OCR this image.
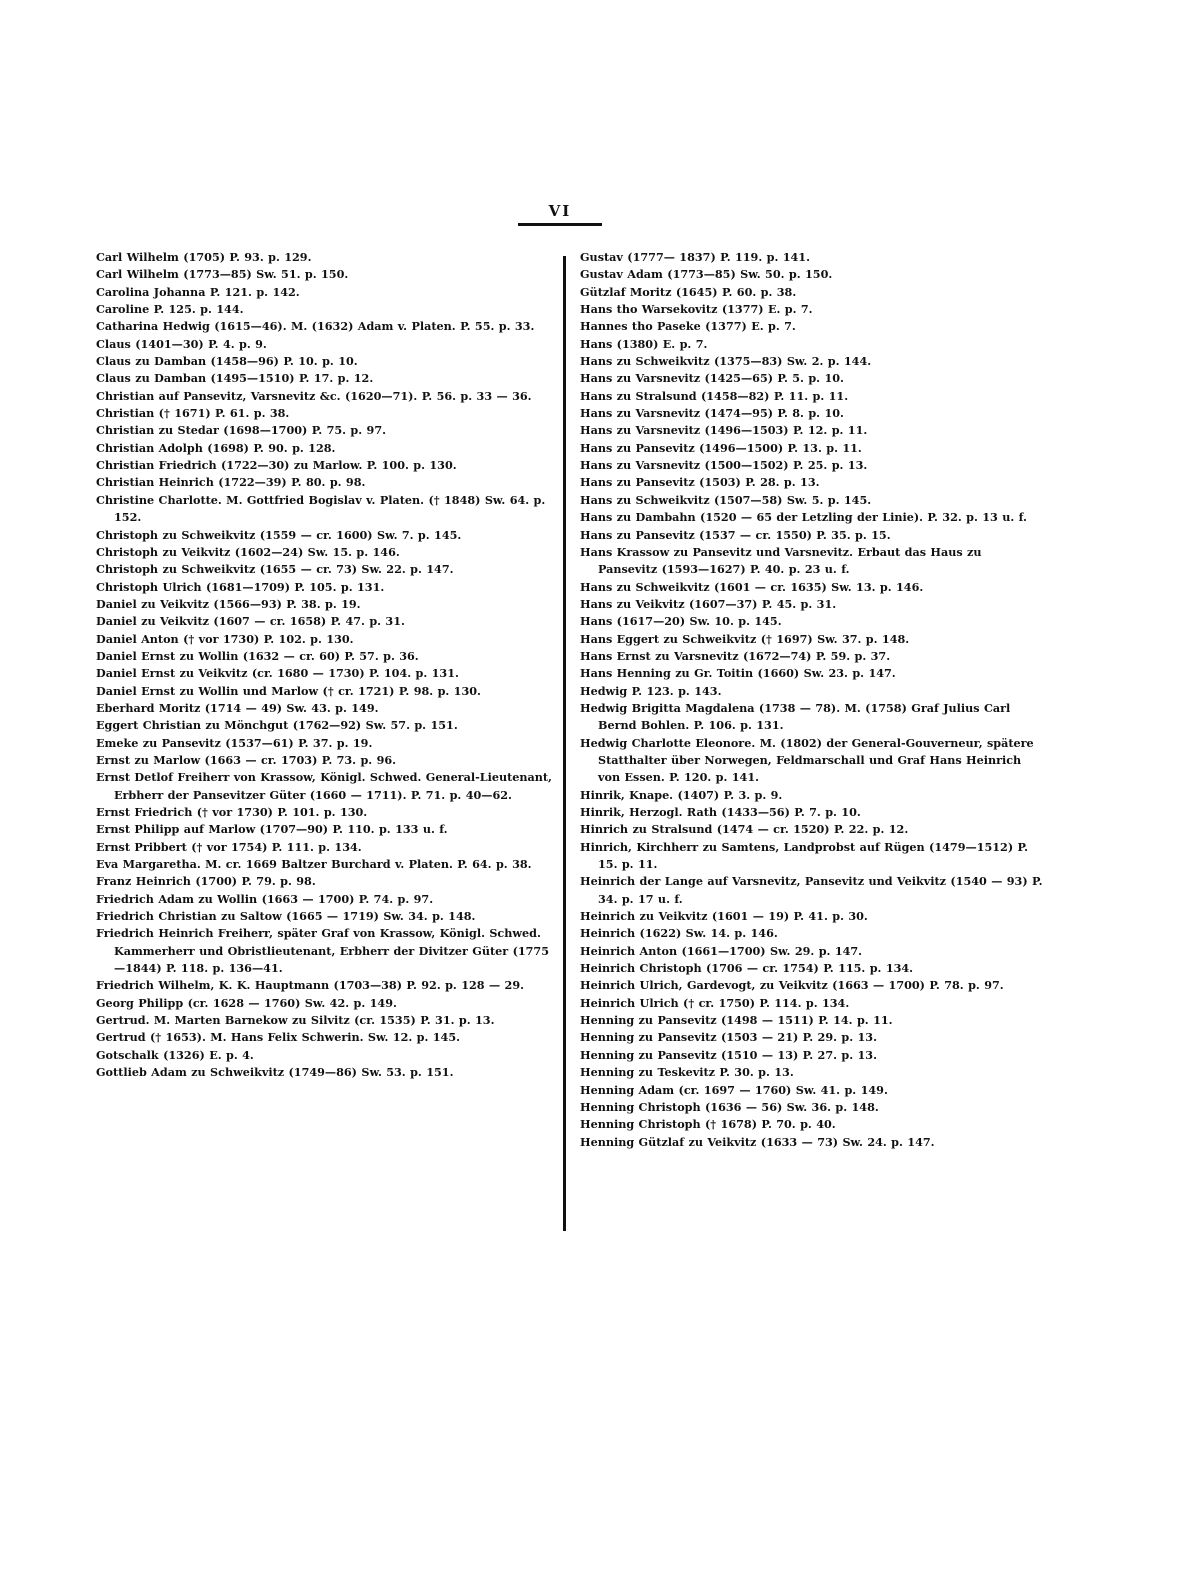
VI

Carl Wilhelm (1705) P. 93. p. 129.

Carl Wilhelm (1773—85) Sw. 51. p. 150.

Carolina Johanna P. 121. p. 142.

Caroline P. 125. p. 144.

Catharina Hedwig (1615—46). M. (1632) Adam v. Platen. P. 55. p. 33.

Claus (1401—30) P. 4. p. 9.

Claus zu Damban (1458—96) P. 10. p. 10.

Claus zu Damban (1495—1510) P. 17. p. 12.

Christian auf Pansevitz, Varsnevitz &c. (1620—71). P. 56. p. 33 — 36.

Christian († 1671) P. 61. p. 38.

Christian zu Stedar (1698—1700) P. 75. p. 97.

Christian Adolph (1698) P. 90. p. 128.

Christian Friedrich (1722—30) zu Marlow. P. 100. p. 130.

Christian Heinrich (1722—39) P. 80. p. 98.

Christine Charlotte. M. Gottfried Bogislav v. Platen. († 1848) Sw. 64. p. 152.

Christoph zu Schweikvitz (1559 — cr. 1600) Sw. 7. p. 145.

Christoph zu Veikvitz (1602—24) Sw. 15. p. 146.

Christoph zu Schweikvitz (1655 — cr. 73) Sw. 22. p. 147.

Christoph Ulrich (1681—1709) P. 105. p. 131.

Daniel zu Veikvitz (1566—93) P. 38. p. 19.

Daniel zu Veikvitz (1607 — cr. 1658) P. 47. p. 31.

Daniel Anton († vor 1730) P. 102. p. 130.

Daniel Ernst zu Wollin (1632 — cr. 60) P. 57. p. 36.

Daniel Ernst zu Veikvitz (cr. 1680 — 1730) P. 104. p. 131.

Daniel Ernst zu Wollin und Marlow († cr. 1721) P. 98. p. 130.

Eberhard Moritz (1714 — 49) Sw. 43. p. 149.

Eggert Christian zu Mönchgut (1762—92) Sw. 57. p. 151.

Emeke zu Pansevitz (1537—61) P. 37. p. 19.

Ernst zu Marlow (1663 — cr. 1703) P. 73. p. 96.

Ernst Detlof Freiherr von Krassow, Königl. Schwed. General-Lieutenant, Erbherr der Pansevitzer Güter (1660 — 1711). P. 71. p. 40—62.

Ernst Friedrich († vor 1730) P. 101. p. 130.

Ernst Philipp auf Marlow (1707—90) P. 110. p. 133 u. f.

Ernst Pribbert († vor 1754) P. 111. p. 134.

Eva Margaretha. M. cr. 1669 Baltzer Burchard v. Platen. P. 64. p. 38.

Franz Heinrich (1700) P. 79. p. 98.

Friedrich Adam zu Wollin (1663 — 1700) P. 74. p. 97.

Friedrich Christian zu Saltow (1665 — 1719) Sw. 34. p. 148.

Friedrich Heinrich Freiherr, später Graf von Krassow, Königl. Schwed. Kammerherr und Obristlieutenant, Erbherr der Divitzer Güter (1775—1844) P. 118. p. 136—41.

Friedrich Wilhelm, K. K. Hauptmann (1703—38) P. 92. p. 128 — 29.

Georg Philipp (cr. 1628 — 1760) Sw. 42. p. 149.

Gertrud. M. Marten Barnekow zu Silvitz (cr. 1535) P. 31. p. 13.

Gertrud († 1653). M. Hans Felix Schwerin. Sw. 12. p. 145.

Gotschalk (1326) E. p. 4.

Gottlieb Adam zu Schweikvitz (1749—86) Sw. 53. p. 151.

Gustav (1777— 1837) P. 119. p. 141.

Gustav Adam (1773—85) Sw. 50. p. 150.

Gützlaf Moritz (1645) P. 60. p. 38.

Hans tho Warsekovitz (1377) E. p. 7.

Hannes tho Paseke (1377) E. p. 7.

Hans (1380) E. p. 7.

Hans zu Schweikvitz (1375—83) Sw. 2. p. 144.

Hans zu Varsnevitz (1425—65) P. 5. p. 10.

Hans zu Stralsund (1458—82) P. 11. p. 11.

Hans zu Varsnevitz (1474—95) P. 8. p. 10.

Hans zu Varsnevitz (1496—1503) P. 12. p. 11.

Hans zu Pansevitz (1496—1500) P. 13. p. 11.

Hans zu Varsnevitz (1500—1502) P. 25. p. 13.

Hans zu Pansevitz (1503) P. 28. p. 13.

Hans zu Schweikvitz (1507—58) Sw. 5. p. 145.

Hans zu Dambahn (1520 — 65 der Letzling der Linie). P. 32. p. 13 u. f.

Hans zu Pansevitz (1537 — cr. 1550) P. 35. p. 15.

Hans Krassow zu Pansevitz und Varsnevitz. Erbaut das Haus zu Pansevitz (1593—1627) P. 40. p. 23 u. f.

Hans zu Schweikvitz (1601 — cr. 1635) Sw. 13. p. 146.

Hans zu Veikvitz (1607—37) P. 45. p. 31.

Hans (1617—20) Sw. 10. p. 145.

Hans Eggert zu Schweikvitz († 1697) Sw. 37. p. 148.

Hans Ernst zu Varsnevitz (1672—74) P. 59. p. 37.

Hans Henning zu Gr. Toitin (1660) Sw. 23. p. 147.

Hedwig P. 123. p. 143.

Hedwig Brigitta Magdalena (1738 — 78). M. (1758) Graf Julius Carl Bernd Bohlen. P. 106. p. 131.

Hedwig Charlotte Eleonore. M. (1802) der General-Gouverneur, spätere Statthalter über Norwegen, Feldmarschall und Graf Hans Heinrich von Essen. P. 120. p. 141.

Hinrik, Knape. (1407) P. 3. p. 9.

Hinrik, Herzogl. Rath (1433—56) P. 7. p. 10.

Hinrich zu Stralsund (1474 — cr. 1520) P. 22. p. 12.

Hinrich, Kirchherr zu Samtens, Landprobst auf Rügen (1479—1512) P. 15. p. 11.

Heinrich der Lange auf Varsnevitz, Pansevitz und Veikvitz (1540 — 93) P. 34. p. 17 u. f.

Heinrich zu Veikvitz (1601 — 19) P. 41. p. 30.

Heinrich (1622) Sw. 14. p. 146.

Heinrich Anton (1661—1700) Sw. 29. p. 147.

Heinrich Christoph (1706 — cr. 1754) P. 115. p. 134.

Heinrich Ulrich, Gardevogt, zu Veikvitz (1663 — 1700) P. 78. p. 97.

Heinrich Ulrich († cr. 1750) P. 114. p. 134.

Henning zu Pansevitz (1498 — 1511) P. 14. p. 11.

Henning zu Pansevitz (1503 — 21) P. 29. p. 13.

Henning zu Pansevitz (1510 — 13) P. 27. p. 13.

Henning zu Teskevitz P. 30. p. 13.

Henning Adam (cr. 1697 — 1760) Sw. 41. p. 149.

Henning Christoph (1636 — 56) Sw. 36. p. 148.

Henning Christoph († 1678) P. 70. p. 40.

Henning Gützlaf zu Veikvitz (1633 — 73) Sw. 24. p. 147.
